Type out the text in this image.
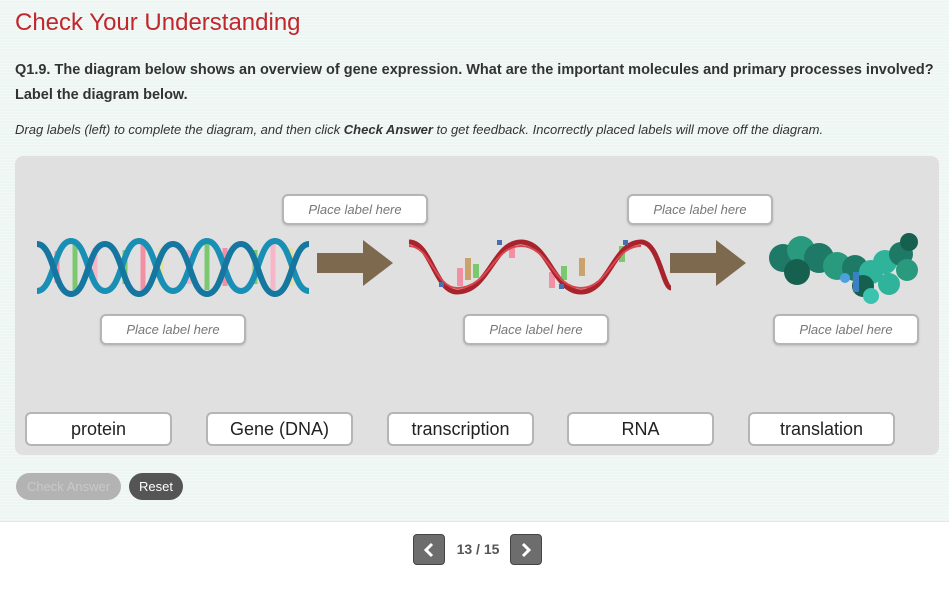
Check Your Understanding
Q1.9. The diagram below shows an overview of gene expression. What are the important molecules and primary processes involved? Label the diagram below.
Drag labels (left) to complete the diagram, and then click Check Answer to get feedback. Incorrectly placed labels will move off the diagram.
Place label here	Place label here
Place label here	Place label here	Place label here
protein	Gene (DNA)	transcription	RNA	translation
Check Answer	Reset
13 / 15
